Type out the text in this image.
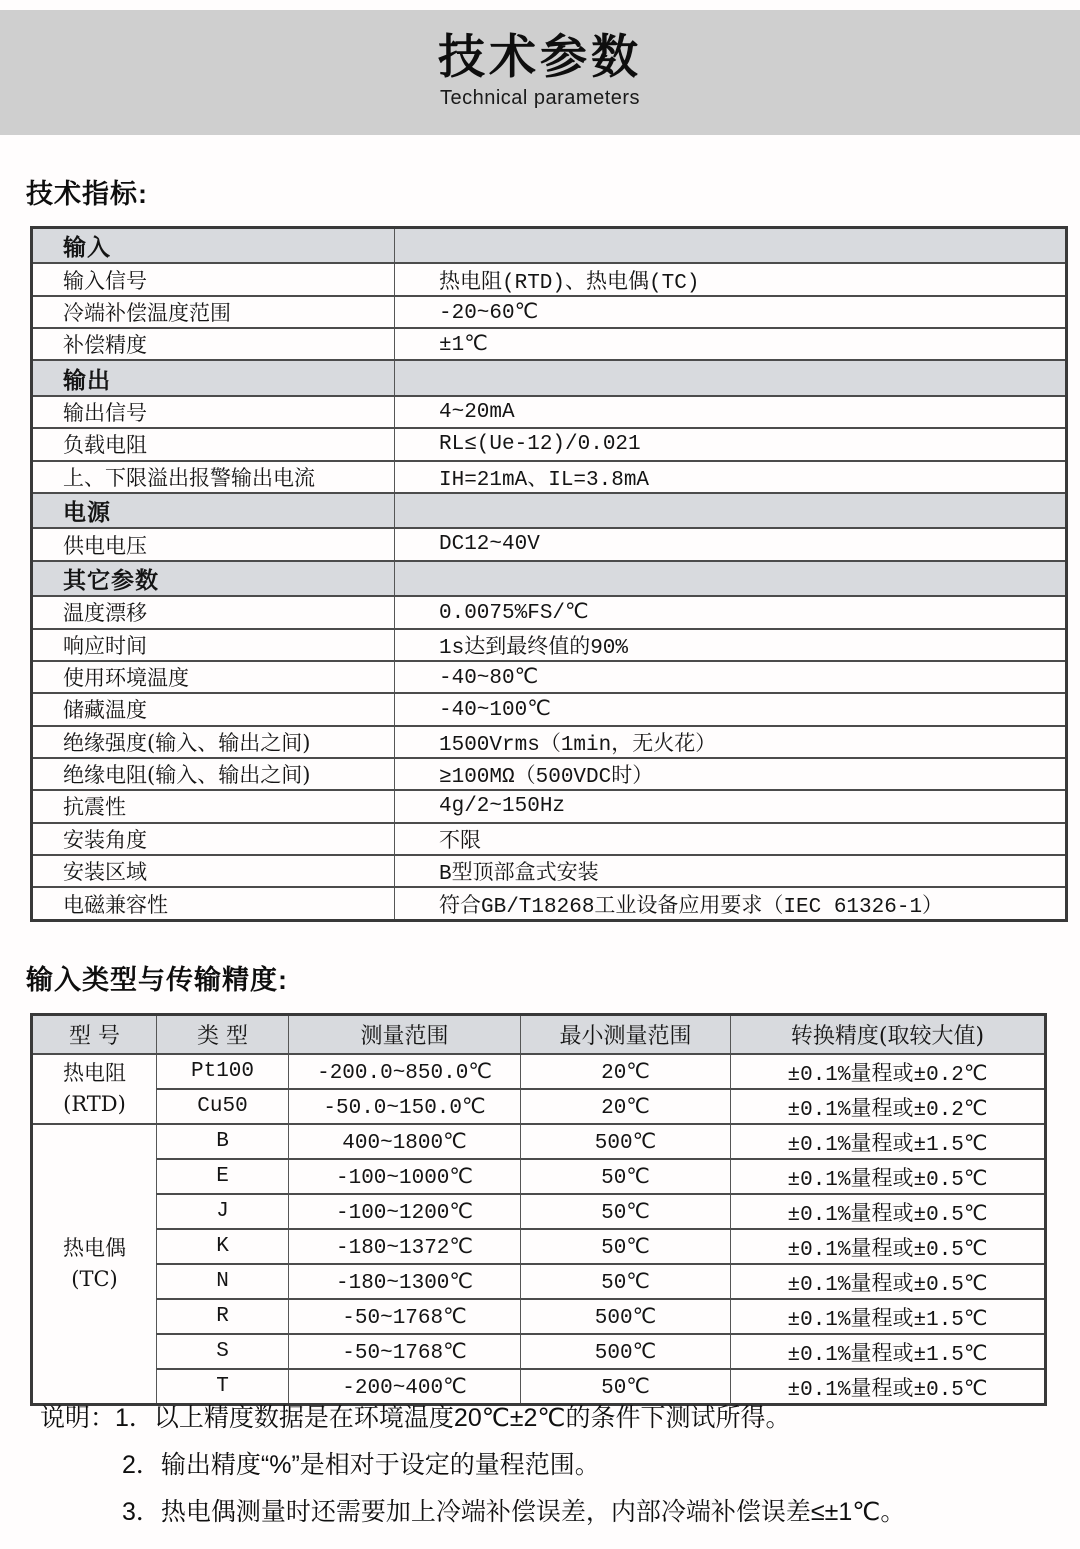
技术参数
Technical parameters
技术指标:
输入类型与传输精度:
输入	
输入信号	热电阻(RTD)、热电偶(TC)
冷端补偿温度范围	-20~60℃
补偿精度	±1℃
输出	
输出信号	4~20mA
负载电阻	RL≤(Ue-12)/0.021
上、下限溢出报警输出电流	IH=21mA、IL=3.8mA
电源	
供电电压	DC12~40V
其它参数	
温度漂移	0.0075%FS/℃
响应时间	1s达到最终值的90%
使用环境温度	-40~80℃
储藏温度	-40~100℃
绝缘强度(输入、输出之间)	1500Vrms（1min，无火花）
绝缘电阻(输入、输出之间)	≥100MΩ（500VDC时）
抗震性	4g/2~150Hz
安装角度	不限
安装区域	B型顶部盒式安装
电磁兼容性	符合GB/T18268工业设备应用要求（IEC 61326-1）
型 号	类 型	测量范围	最小测量范围	转换精度(取较大值)

热电阻
(RTD)	Pt100	-200.0~850.0℃	20℃	±0.1%量程或±0.2℃
	Cu50	-50.0~150.0℃	20℃	±0.1%量程或±0.2℃

热电偶
(TC)	B	400~1800℃	500℃	±0.1%量程或±1.5℃
	E	-100~1000℃	50℃	±0.1%量程或±0.5℃
	J	-100~1200℃	50℃	±0.1%量程或±0.5℃
	K	-180~1372℃	50℃	±0.1%量程或±0.5℃
	N	-180~1300℃	50℃	±0.1%量程或±0.5℃
	R	-50~1768℃	500℃	±0.1%量程或±1.5℃
	S	-50~1768℃	500℃	±0.1%量程或±1.5℃
	T	-200~400℃	50℃	±0.1%量程或±0.5℃
说明：1．以上精度数据是在环境温度20℃±2℃的条件下测试所得。
2．输出精度“%”是相对于设定的量程范围。
3．热电偶测量时还需要加上冷端补偿误差，内部冷端补偿误差≤±1℃。
